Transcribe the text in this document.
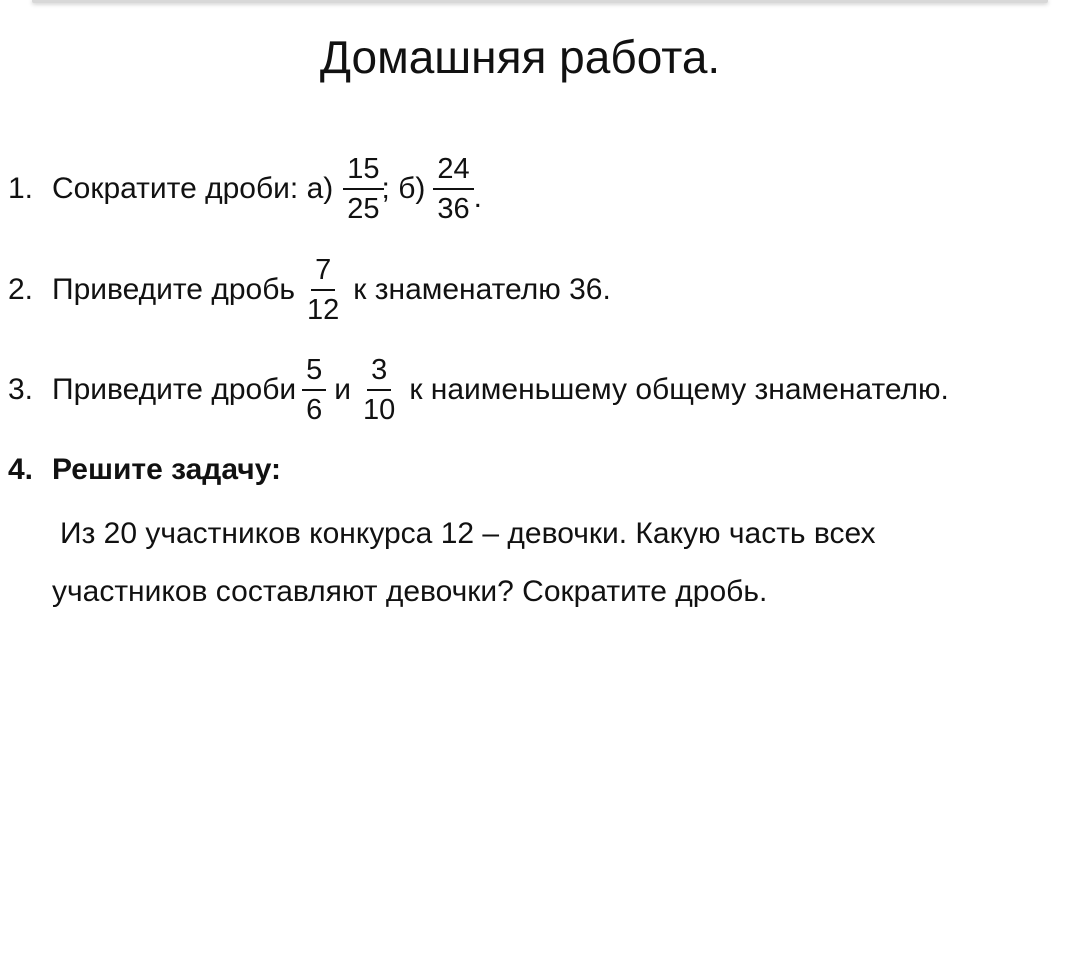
Домашняя работа.
1. Сократите дроби: $а) \frac{15}{25}$
; $б) \frac{24}{36}$ .
2. Приведите дробь $\frac{7}{12}$ к знаменателю 36.
3. Приведите дроби $\frac{5}{6}$ и $\frac{3}{10}$ к наименьшему общему знаменателю.
4. Решите задачу:
Из 20 участников конкурса 12 – девочки. Какую часть всех
участников составляют девочки? Сократите дробь.
